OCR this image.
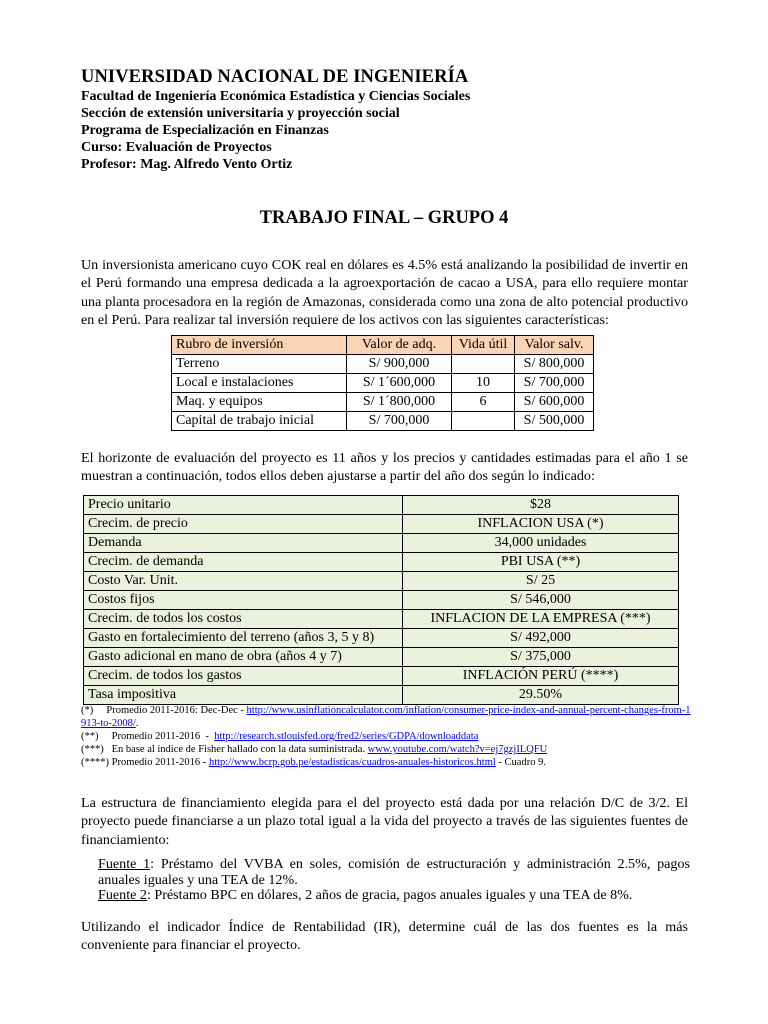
UNIVERSIDAD NACIONAL DE INGENIERÍA
Facultad de Ingeniería Económica Estadística y Ciencias Sociales
Sección de extensión universitaria y proyección social
Programa de Especialización en Finanzas
Curso: Evaluación de Proyectos
Profesor: Mag. Alfredo Vento Ortiz
TRABAJO FINAL – GRUPO 4
Un inversionista americano cuyo COK real en dólares es 4.5% está analizando la posibilidad de invertir en el Perú formando una empresa dedicada a la agroexportación de cacao a USA, para ello requiere montar una planta procesadora en la región de Amazonas, considerada como una zona de alto potencial productivo en el Perú. Para realizar tal inversión requiere de los activos con las siguientes características:
Rubro de inversión	Valor de adq.	Vida útil	Valor salv.
Terreno	S/ 900,000		S/ 800,000
Local e instalaciones	S/ 1´600,000	10	S/ 700,000
Maq. y equipos	S/ 1´800,000	6	S/ 600,000
Capital de trabajo inicial	S/ 700,000		S/ 500,000
El horizonte de evaluación del proyecto es 11 años y los precios y cantidades estimadas para el año 1 se muestran a continuación, todos ellos deben ajustarse a partir del año dos según lo indicado:
Precio unitario	$28
Crecim. de precio	INFLACION USA (*)
Demanda	34,000 unidades
Crecim. de demanda	PBI USA (**)
Costo Var. Unit.	S/ 25
Costos fijos	S/ 546,000
Crecim. de todos los costos	INFLACION DE LA EMPRESA (***)
Gasto en fortalecimiento del terreno (años 3, 5 y 8)	S/ 492,000
Gasto adicional en mano de obra (años 4 y 7)	S/ 375,000
Crecim. de todos los gastos	INFLACIÓN PERÚ (****)
Tasa impositiva	29.50%
(*)     Promedio 2011-2016: Dec-Dec - http://www.usinflationcalculator.com/inflation/consumer-price-index-and-annual-percent-changes-from-1913-to-2008/.
(**)     Promedio 2011-2016  -  http://research.stlouisfed.org/fred2/series/GDPA/downloaddata
(***)   En base al índice de Fisher hallado con la data suministrada. www.youtube.com/watch?v=ej7gzjILQFU
(****) Promedio 2011-2016 - http://www.bcrp.gob.pe/estadisticas/cuadros-anuales-historicos.html - Cuadro 9.
La estructura de financiamiento elegida para el del proyecto está dada por una relación D/C de 3/2. El proyecto puede financiarse a un plazo total igual a la vida del proyecto a través de las siguientes fuentes de financiamiento:
Fuente 1: Préstamo del VVBA en soles, comisión de estructuración y administración 2.5%, pagos anuales iguales y una TEA de 12%.
Fuente 2: Préstamo BPC en dólares, 2 años de gracia, pagos anuales iguales y una TEA de 8%.
Utilizando el indicador Índice de Rentabilidad (IR), determine cuál de las dos fuentes es la más conveniente para financiar el proyecto.
